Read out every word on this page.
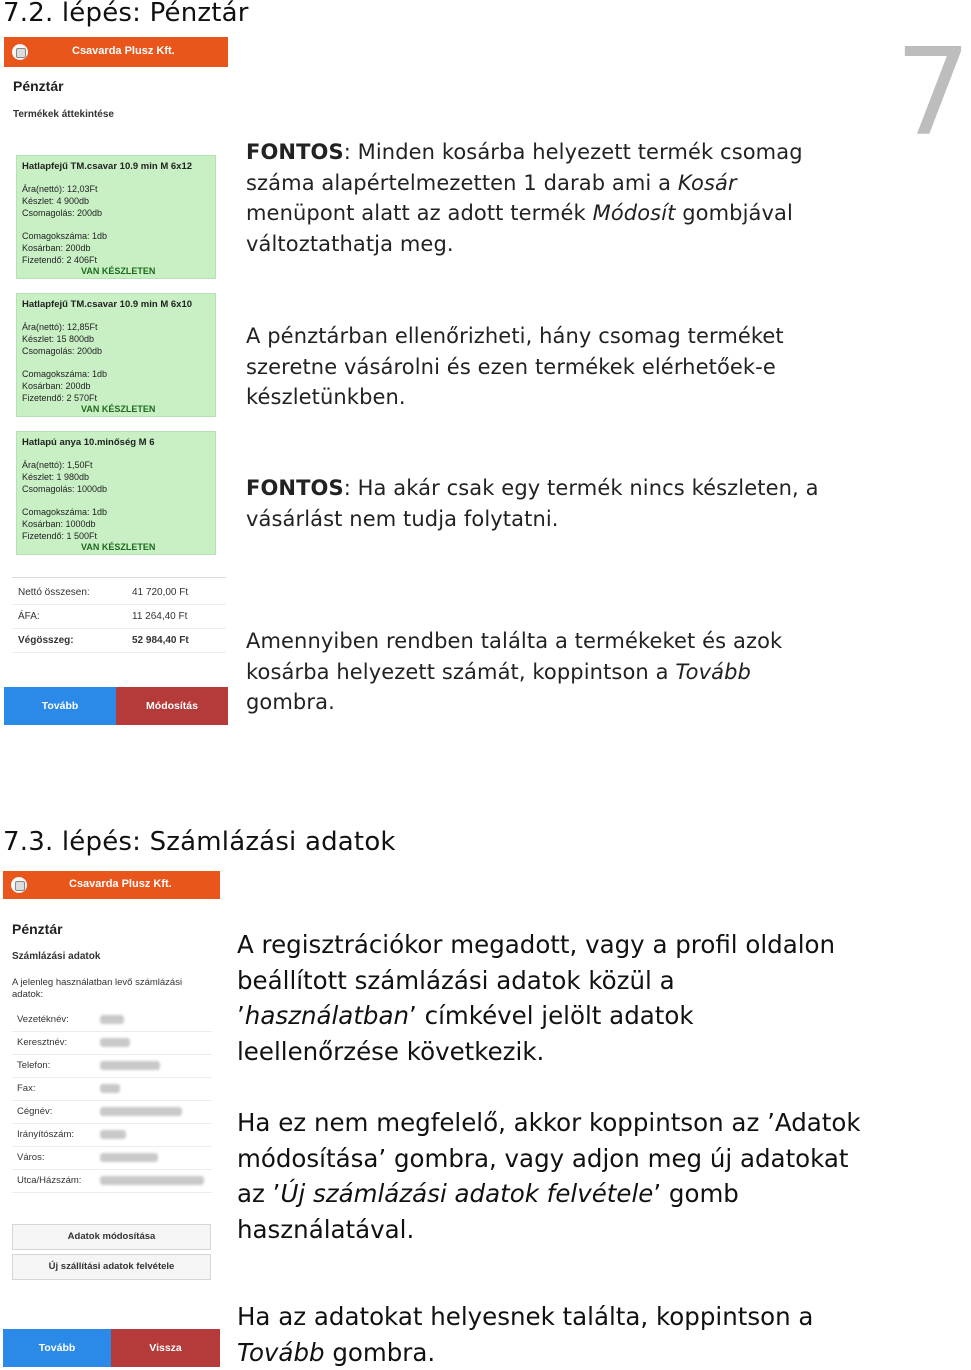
7.2. lépés: Pénztár
7
Csavarda Plusz Kft.
Pénztár
Termékek áttekintése
Hatlapfejű TM.csavar 10.9 min M 6x12
Ára(nettó): 12,03Ft
Készlet: 4 900db
Csomagolás: 200db
Comagokszáma: 1db
Kosárban: 200db
Fizetendő: 2 406Ft
VAN KÉSZLETEN
Hatlapfejű TM.csavar 10.9 min M 6x10
Ára(nettó): 12,85Ft
Készlet: 15 800db
Csomagolás: 200db
Comagokszáma: 1db
Kosárban: 200db
Fizetendő: 2 570Ft
VAN KÉSZLETEN
Hatlapú anya 10.minőség M 6
Ára(nettó): 1,50Ft
Készlet: 1 980db
Csomagolás: 1000db
Comagokszáma: 1db
Kosárban: 1000db
Fizetendő: 1 500Ft
VAN KÉSZLETEN
Nettó összesen:	41 720,00 Ft
ÁFA:	11 264,40 Ft
Végösszeg:	52 984,40 Ft
Tovább	Módosítás
FONTOS: Minden kosárba helyezett termék csomag száma alapértelmezetten 1 darab ami a Kosár menüpont alatt az adott termék Módosít gombjával változtathatja meg.
A pénztárban ellenőrizheti, hány csomag terméket szeretne vásárolni és ezen termékek elérhetőek-e készletünkben.
FONTOS: Ha akár csak egy termék nincs készleten, a vásárlást nem tudja folytatni.
Amennyiben rendben találta a termékeket és azok kosárba helyezett számát, koppintson a Tovább gombra.
7.3. lépés: Számlázási adatok
Csavarda Plusz Kft.
Pénztár
Számlázási adatok
A jelenleg használatban levő számlázási adatok:
Vezetéknév:
Keresztnév:
Telefon:
Fax:
Cégnév:
Irányítószám:
Város:
Utca/Házszám:
Adatok módosítása
Új szállítási adatok felvétele
Tovább	Vissza
A regisztrációkor megadott, vagy a profil oldalon beállított számlázási adatok közül a ’használatban’ címkével jelölt adatok leellenőrzése következik.
Ha ez nem megfelelő, akkor koppintson az ’Adatok módosítása’ gombra, vagy adjon meg új adatokat az ’Új számlázási adatok felvétele’ gomb használatával.
Ha az adatokat helyesnek találta, koppintson a Tovább gombra.
